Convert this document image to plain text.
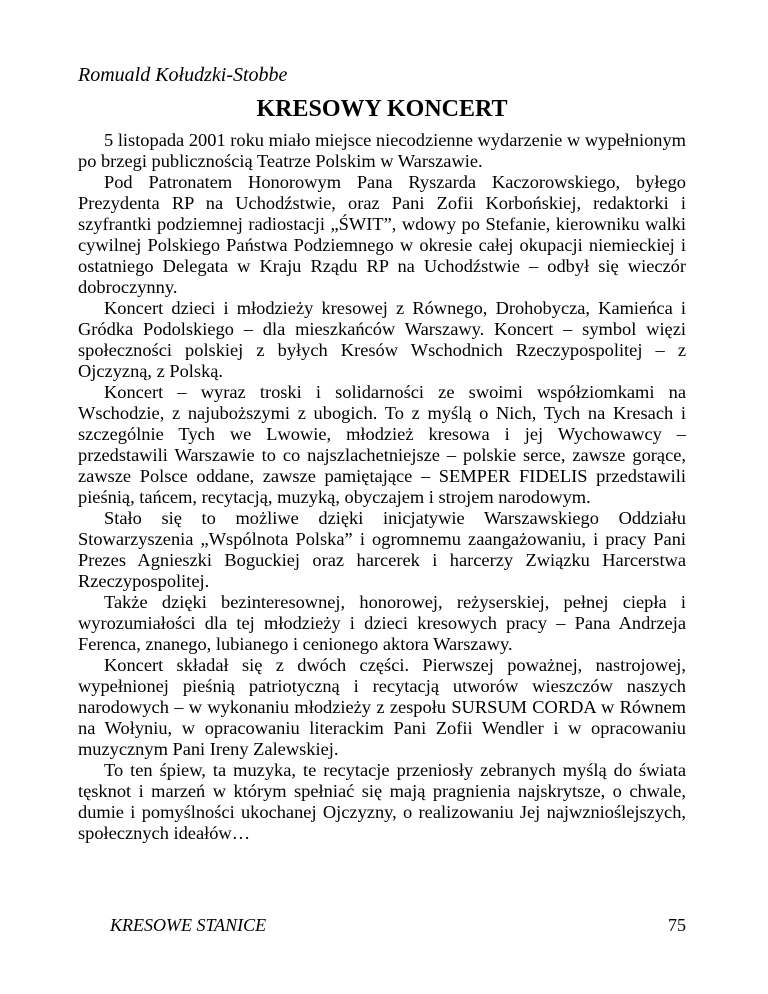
Romuald Kołudzki-Stobbe
KRESOWY KONCERT

5 listopada 2001 roku miało miejsce niecodzienne wydarzenie w wypełnionym po brzegi publicznością Teatrze Polskim w Warszawie.

Pod Patronatem Honorowym Pana Ryszarda Kaczorowskiego, byłego Prezydenta RP na Uchodźstwie, oraz Pani Zofii Korbońskiej, redaktorki i szyfrantki podziemnej radiostacji „ŚWIT”, wdowy po Stefanie, kierowniku walki cywilnej Polskiego Państwa Podziemnego w okresie całej okupacji niemieckiej i ostatniego Delegata w Kraju Rządu RP na Uchodźstwie – odbył się wieczór dobroczynny.

Koncert dzieci i młodzieży kresowej z Równego, Drohobycza, Kamieńca i Gródka Podolskiego – dla mieszkańców Warszawy. Koncert – symbol więzi społeczności polskiej z byłych Kresów Wschodnich Rzeczypospolitej – z Ojczyzną, z Polską.

Koncert – wyraz troski i solidarności ze swoimi współziomkami na Wschodzie, z najuboższymi z ubogich. To z myślą o Nich, Tych na Kresach i szczególnie Tych we Lwowie, młodzież kresowa i jej Wychowawcy – przedstawili Warszawie to co najszlachetniejsze – polskie serce, zawsze gorące, zawsze Polsce oddane, zawsze pamiętające – SEMPER FIDELIS przedstawili pieśnią, tańcem, recytacją, muzyką, obyczajem i strojem narodowym.

Stało się to możliwe dzięki inicjatywie Warszawskiego Oddziału Stowarzyszenia „Wspólnota Polska” i ogromnemu zaangażowaniu, i pracy Pani Prezes Agnieszki Boguckiej oraz harcerek i harcerzy Związku Harcerstwa Rzeczypospolitej.

Także dzięki bezinteresownej, honorowej, reżyserskiej, pełnej ciepła i wyrozumiałości dla tej młodzieży i dzieci kresowych pracy – Pana Andrzeja Ferenca, znanego, lubianego i cenionego aktora Warszawy.

Koncert składał się z dwóch części. Pierwszej poważnej, nastrojowej, wypełnionej pieśnią patriotyczną i recytacją utworów wieszczów naszych narodowych – w wykonaniu młodzieży z zespołu SURSUM CORDA w Równem na Wołyniu, w opracowaniu literackim Pani Zofii Wendler i w opracowaniu muzycznym Pani Ireny Zalewskiej.

To ten śpiew, ta muzyka, te recytacje przeniosły zebranych myślą do świata tęsknot i marzeń w którym spełniać się mają pragnienia najskrytsze, o chwale, dumie i pomyślności ukochanej Ojczyzny, o realizowaniu Jej najwznioślejszych, społecznych ideałów…

KRESOWE STANICE	75
